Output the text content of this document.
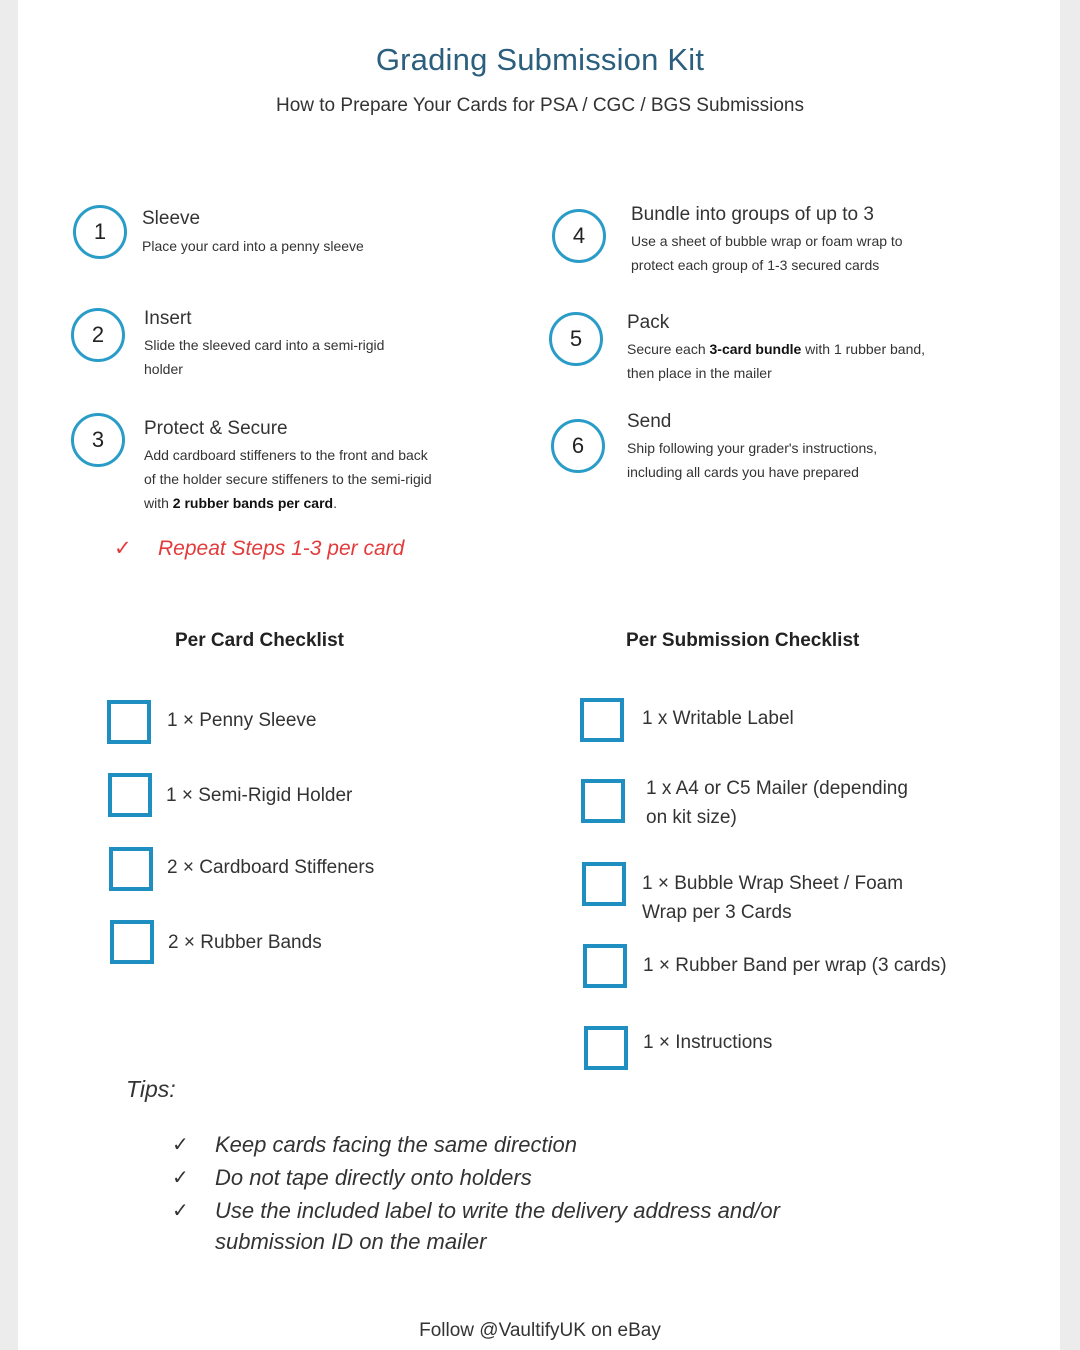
Grading Submission Kit
How to Prepare Your Cards for PSA / CGC / BGS Submissions
1
Sleeve
Place your card into a penny sleeve
2
Insert
Slide the sleeved card into a semi-rigid
holder
3	Protect & Secure
Add cardboard stiffeners to the front and back
of the holder secure stiffeners to the semi-rigid
with 2 rubber bands per card.
4
Bundle into groups of up to 3
Use a sheet of bubble wrap or foam wrap to
protect each group of 1-3 secured cards
5
Pack
Secure each 3-card bundle with 1 rubber band,
then place in the mailer
6
Send
Ship following your grader's instructions,
including all cards you have prepared
✓ Repeat Steps 1-3 per card
Per Card Checklist
1 × Penny Sleeve
1 × Semi-Rigid Holder
2 × Cardboard Stiffeners
2 × Rubber Bands
Per Submission Checklist
1 x Writable Label
1 x A4 or C5 Mailer (depending
on kit size)
1 × Bubble Wrap Sheet / Foam
Wrap per 3 Cards
1 × Rubber Band per wrap (3 cards)
1 × Instructions
Tips:
✓ Keep cards facing the same direction
✓ Do not tape directly onto holders
✓ Use the included label to write the delivery address and/or
submission ID on the mailer
Follow @VaultifyUK on eBay
